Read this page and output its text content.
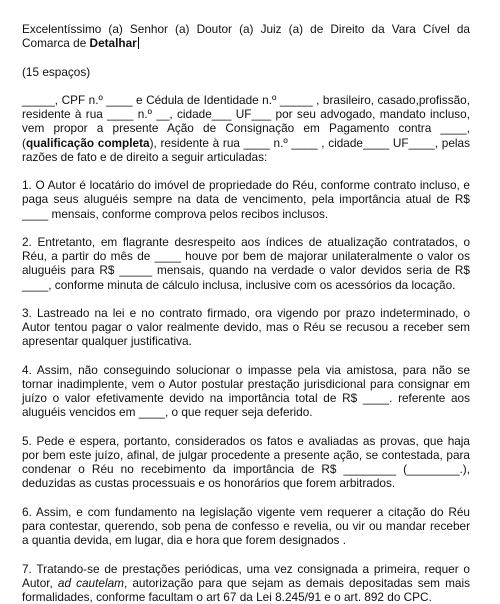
Excelentíssimo (a) Senhor (a) Doutor (a) Juiz (a) de Direito da Vara Cível da Comarca de Detalhar

(15 espaços)

_____, CPF n.º ____ e Cédula de Identidade n.º _____ , brasileiro, casado,profissão, residente à rua ____ n.º __, cidade___ UF___ por seu advogado, mandato incluso, vem propor a presente Ação de Consignação em Pagamento contra ____, (qualificação completa), residente à rua ____ n.º ____ , cidade____ UF____, pelas razões de fato e de direito a seguir articuladas:

1. O Autor é locatário do imóvel de propriedade do Réu, conforme contrato incluso, e paga seus aluguéis sempre na data de vencimento, pela importância atual de R$ ____ mensais, conforme comprova pelos recibos inclusos.

2. Entretanto, em flagrante desrespeito aos índices de atualização contratados, o Réu, a partir do mês de ____ houve por bem de majorar unilateralmente o valor os aluguéis para R$ _____ mensais, quando na verdade o valor devidos seria de R$ ____, conforme minuta de cálculo inclusa, inclusive com os acessórios da locação.

3. Lastreado na lei e no contrato firmado, ora vigendo por prazo indeterminado, o Autor tentou pagar o valor realmente devido, mas o Réu se recusou a receber sem apresentar qualquer justificativa.

4. Assim, não conseguindo solucionar o impasse pela via amistosa, para não se tornar inadimplente, vem o Autor postular prestação jurisdicional para consignar em juízo o valor efetivamente devido na importância total de R$ ____. referente aos aluguéis vencidos em ____, o que requer seja deferido.

5. Pede e espera, portanto, considerados os fatos e avaliadas as provas, que haja por bem este juízo, afinal, de julgar procedente a presente ação, se contestada, para condenar o Réu no recebimento da importância de R$ ________ (________.), deduzidas as custas processuais e os honorários que forem arbitrados.

6. Assim, e com fundamento na legislação vigente vem requerer a citação do Réu para contestar, querendo, sob pena de confesso e revelia, ou vir ou mandar receber a quantia devida, em lugar, dia e hora que forem designados .

7. Tratando-se de prestações periódicas, uma vez consignada a primeira, requer o Autor, ad cautelam, autorização para que sejam as demais depositadas sem mais formalidades, conforme facultam o art 67 da Lei 8.245/91 e o art. 892 do CPC.
